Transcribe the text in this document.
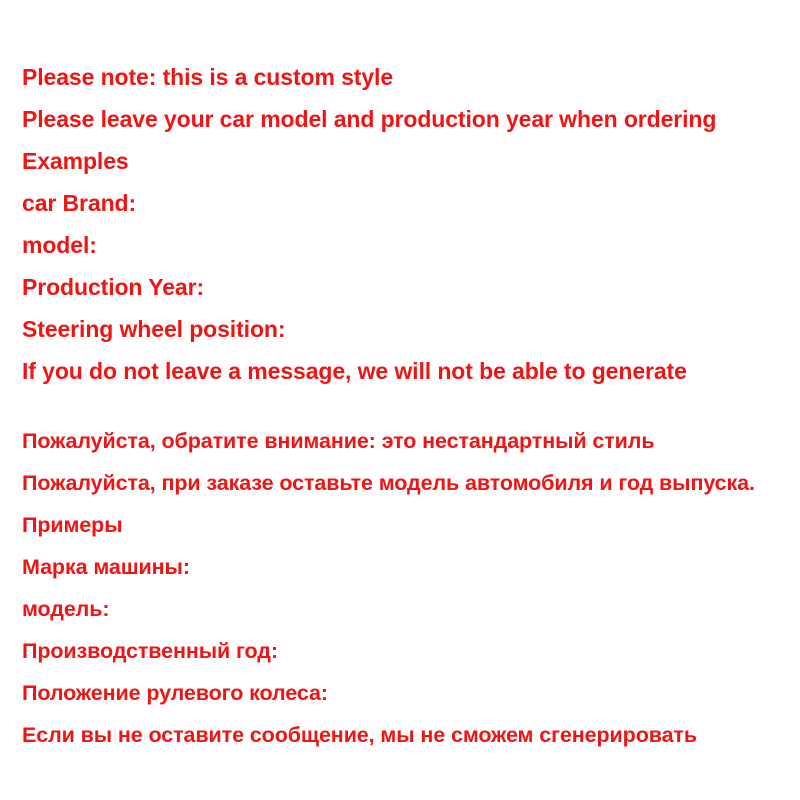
Please note: this is a custom style
Please leave your car model and production year when ordering
Examples
car Brand:
model:
Production Year:
Steering wheel position:
If you do not leave a message, we will not be able to generate
Пожалуйста, обратите внимание: это нестандартный стиль
Пожалуйста, при заказе оставьте модель автомобиля и год выпуска.
Примеры
Марка машины:
модель:
Производственный год:
Положение рулевого колеса:
Если вы не оставите сообщение, мы не сможем сгенерировать
